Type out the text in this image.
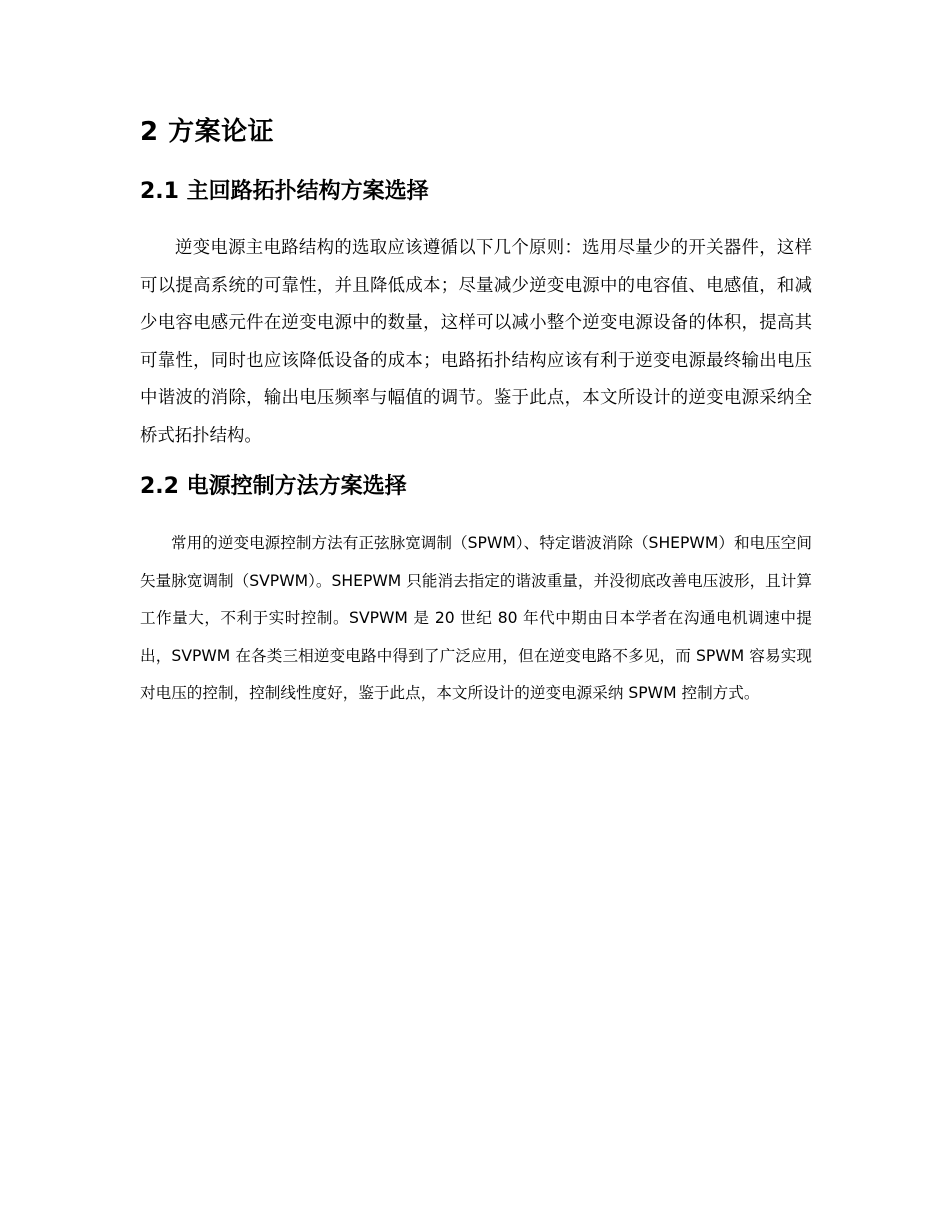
2 方案论证
2.1 主回路拓扑结构方案选择

逆变电源主电路结构的选取应该遵循以下几个原则：选用尽量少的开关器件，这样可以提高系统的可靠性，并且降低成本；尽量减少逆变电源中的电容值、电感值，和减少电容电感元件在逆变电源中的数量，这样可以减小整个逆变电源设备的体积，提高其可靠性，同时也应该降低设备的成本；电路拓扑结构应该有利于逆变电源最终输出电压中谐波的消除，输出电压频率与幅值的调节。鉴于此点，本文所设计的逆变电源采纳全桥式拓扑结构。

2.2 电源控制方法方案选择

常用的逆变电源控制方法有正弦脉宽调制（SPWM）、特定谐波消除（SHEPWM）和电压空间矢量脉宽调制（SVPWM）。SHEPWM 只能消去指定的谐波重量，并没彻底改善电压波形，且计算工作量大，不利于实时控制。SVPWM 是 20 世纪 80 年代中期由日本学者在沟通电机调速中提出，SVPWM 在各类三相逆变电路中得到了广泛应用，但在逆变电路不多见，而 SPWM 容易实现对电压的控制，控制线性度好，鉴于此点，本文所设计的逆变电源采纳 SPWM 控制方式。
